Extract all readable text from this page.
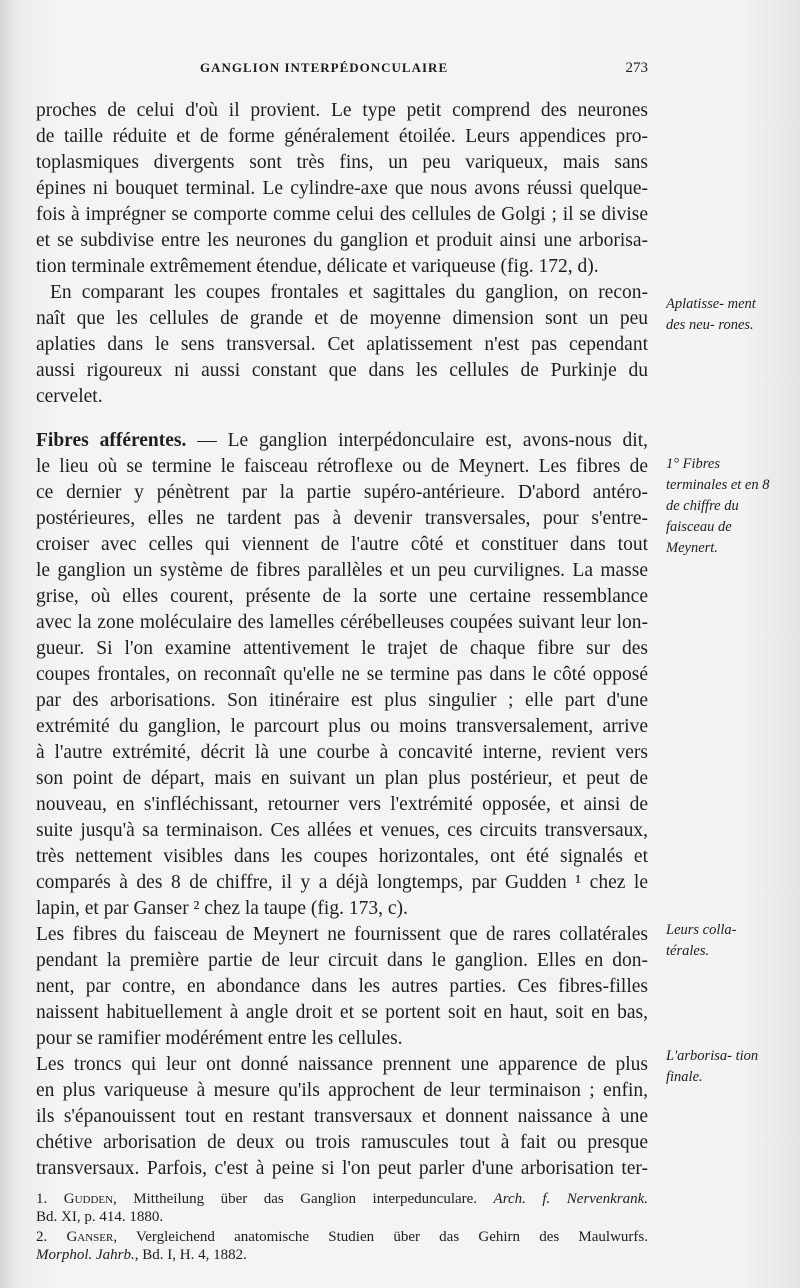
GANGLION INTERPÉDONCULAIRE	273
proches de celui d'où il provient. Le type petit comprend des neurones
de taille réduite et de forme généralement étoilée. Leurs appendices pro-
toplasmiques divergents sont très fins, un peu variqueux, mais sans
épines ni bouquet terminal. Le cylindre-axe que nous avons réussi quelque-
fois à imprégner se comporte comme celui des cellules de Golgi ; il se divise
et se subdivise entre les neurones du ganglion et produit ainsi une arborisa-
tion terminale extrêmement étendue, délicate et variqueuse (fig. 172, d).
En comparant les coupes frontales et sagittales du ganglion, on recon-
naît que les cellules de grande et de moyenne dimension sont un peu
aplaties dans le sens transversal. Cet aplatissement n'est pas cependant
aussi rigoureux ni aussi constant que dans les cellules de Purkinje du
cervelet.
Fibres afférentes. — Le ganglion interpédonculaire est, avons-nous dit,
le lieu où se termine le faisceau rétroflexe ou de Meynert. Les fibres de
ce dernier y pénètrent par la partie supéro-antérieure. D'abord antéro-
postérieures, elles ne tardent pas à devenir transversales, pour s'entre-
croiser avec celles qui viennent de l'autre côté et constituer dans tout
le ganglion un système de fibres parallèles et un peu curvilignes. La masse
grise, où elles courent, présente de la sorte une certaine ressemblance
avec la zone moléculaire des lamelles cérébelleuses coupées suivant leur lon-
gueur. Si l'on examine attentivement le trajet de chaque fibre sur des
coupes frontales, on reconnaît qu'elle ne se termine pas dans le côté opposé
par des arborisations. Son itinéraire est plus singulier ; elle part d'une
extrémité du ganglion, le parcourt plus ou moins transversalement, arrive
à l'autre extrémité, décrit là une courbe à concavité interne, revient vers
son point de départ, mais en suivant un plan plus postérieur, et peut de
nouveau, en s'infléchissant, retourner vers l'extrémité opposée, et ainsi de
suite jusqu'à sa terminaison. Ces allées et venues, ces circuits transversaux,
très nettement visibles dans les coupes horizontales, ont été signalés et
comparés à des 8 de chiffre, il y a déjà longtemps, par Gudden ¹ chez le
lapin, et par Ganser ² chez la taupe (fig. 173, c).
Les fibres du faisceau de Meynert ne fournissent que de rares collatérales
pendant la première partie de leur circuit dans le ganglion. Elles en don-
nent, par contre, en abondance dans les autres parties. Ces fibres-filles
naissent habituellement à angle droit et se portent soit en haut, soit en bas,
pour se ramifier modérément entre les cellules.
Les troncs qui leur ont donné naissance prennent une apparence de plus
en plus variqueuse à mesure qu'ils approchent de leur terminaison ; enfin,
ils s'épanouissent tout en restant transversaux et donnent naissance à une
chétive arborisation de deux ou trois ramuscules tout à fait ou presque
transversaux. Parfois, c'est à peine si l'on peut parler d'une arborisation ter-
Aplatisse- ment des neu- rones.
1° Fibres terminales et en 8 de chiffre du faisceau de Meynert.
Leurs colla- térales.
L'arborisa- tion finale.
1. Gudden, Mittheilung über das Ganglion interpedunculare. Arch. f. Nervenkrank.
Bd. XI, p. 414. 1880.
2. Ganser, Vergleichend anatomische Studien über das Gehirn des Maulwurfs.
Morphol. Jahrb., Bd. I, H. 4, 1882.
